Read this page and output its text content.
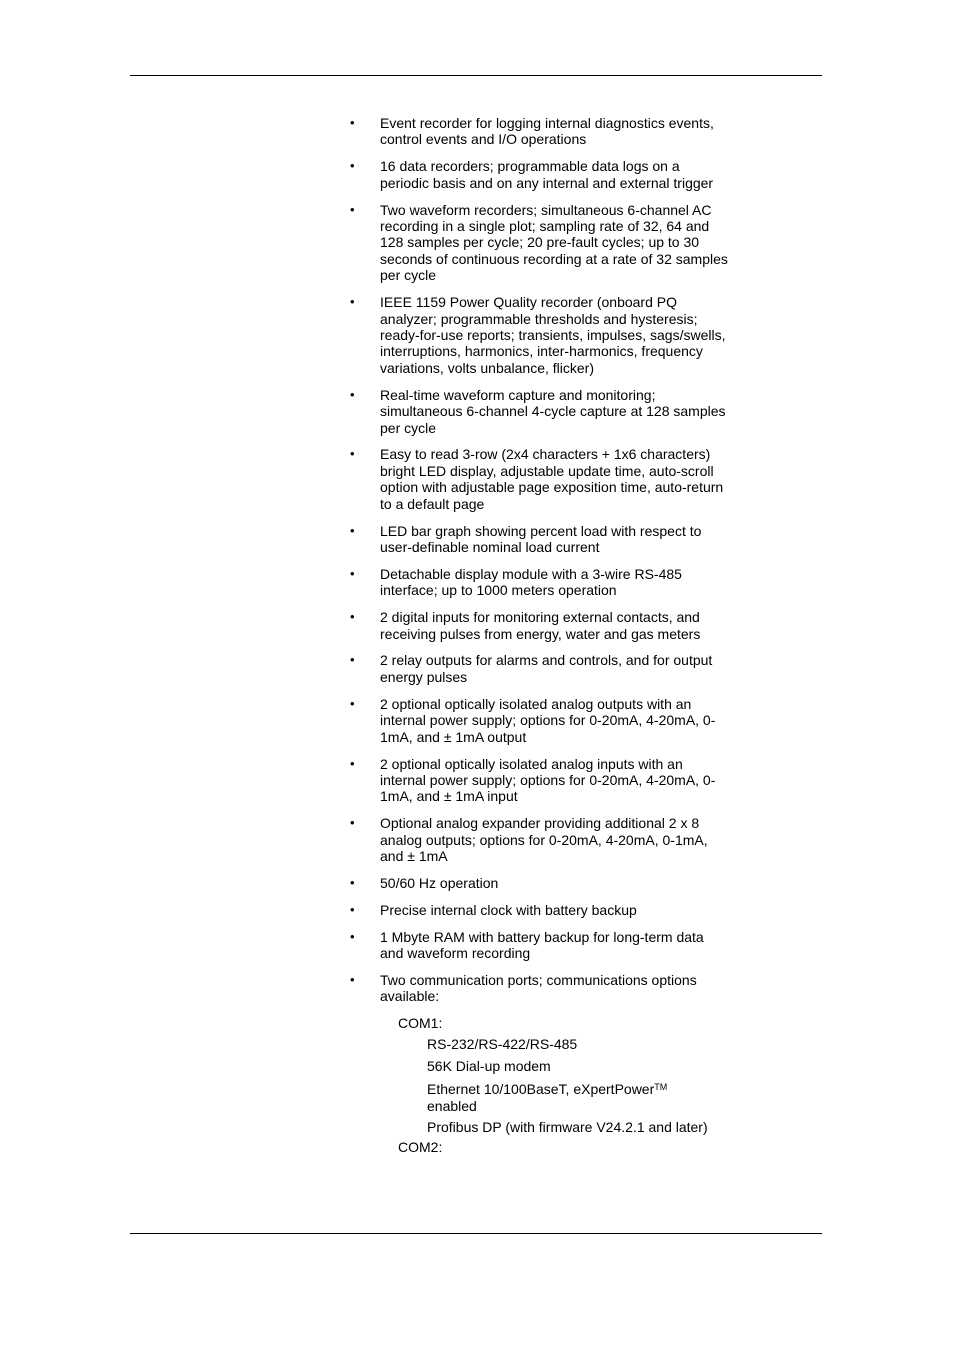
•	Event recorder for logging internal diagnostics events, control events and I/O operations
•	16 data recorders; programmable data logs on a periodic basis and on any internal and external trigger
•	Two waveform recorders; simultaneous 6-channel AC recording in a single plot; sampling rate of 32, 64 and 128 samples per cycle; 20 pre-fault cycles; up to 30 seconds of continuous recording at a rate of 32 samples per cycle
•	IEEE 1159 Power Quality recorder (onboard PQ analyzer; programmable thresholds and hysteresis; ready-for-use reports; transients, impulses, sags/swells, interruptions, harmonics, inter-harmonics, frequency variations, volts unbalance, flicker)
•	Real-time waveform capture and monitoring; simultaneous 6-channel 4-cycle capture at 128 samples per cycle
•	Easy to read 3-row (2x4 characters + 1x6 characters) bright LED display, adjustable update time, auto-scroll option with adjustable page exposition time, auto-return to a default page
•	LED bar graph showing percent load with respect to user-definable nominal load current
•	Detachable display module with a 3-wire RS-485 interface; up to 1000 meters operation
•	2 digital inputs for monitoring external contacts, and receiving pulses from energy, water and gas meters
•	2 relay outputs for alarms and controls, and for output energy pulses
•	2 optional optically isolated analog outputs with an internal power supply; options for 0-20mA, 4-20mA, 0-1mA, and ± 1mA output
•	2 optional optically isolated analog inputs with an internal power supply; options for 0-20mA, 4-20mA, 0-1mA, and ± 1mA input
•	Optional analog expander providing additional 2 x 8 analog outputs; options for 0-20mA, 4-20mA, 0-1mA, and ± 1mA
•	50/60 Hz operation
•	Precise internal clock with battery backup
•	1 Mbyte RAM with battery backup for long-term data and waveform recording
•	Two communication ports; communications options available:
COM1:
RS-232/RS-422/RS-485
56K Dial-up modem
Ethernet 10/100BaseT, eXpertPower™
enabled
Profibus DP (with firmware V24.2.1 and later)
COM2:
